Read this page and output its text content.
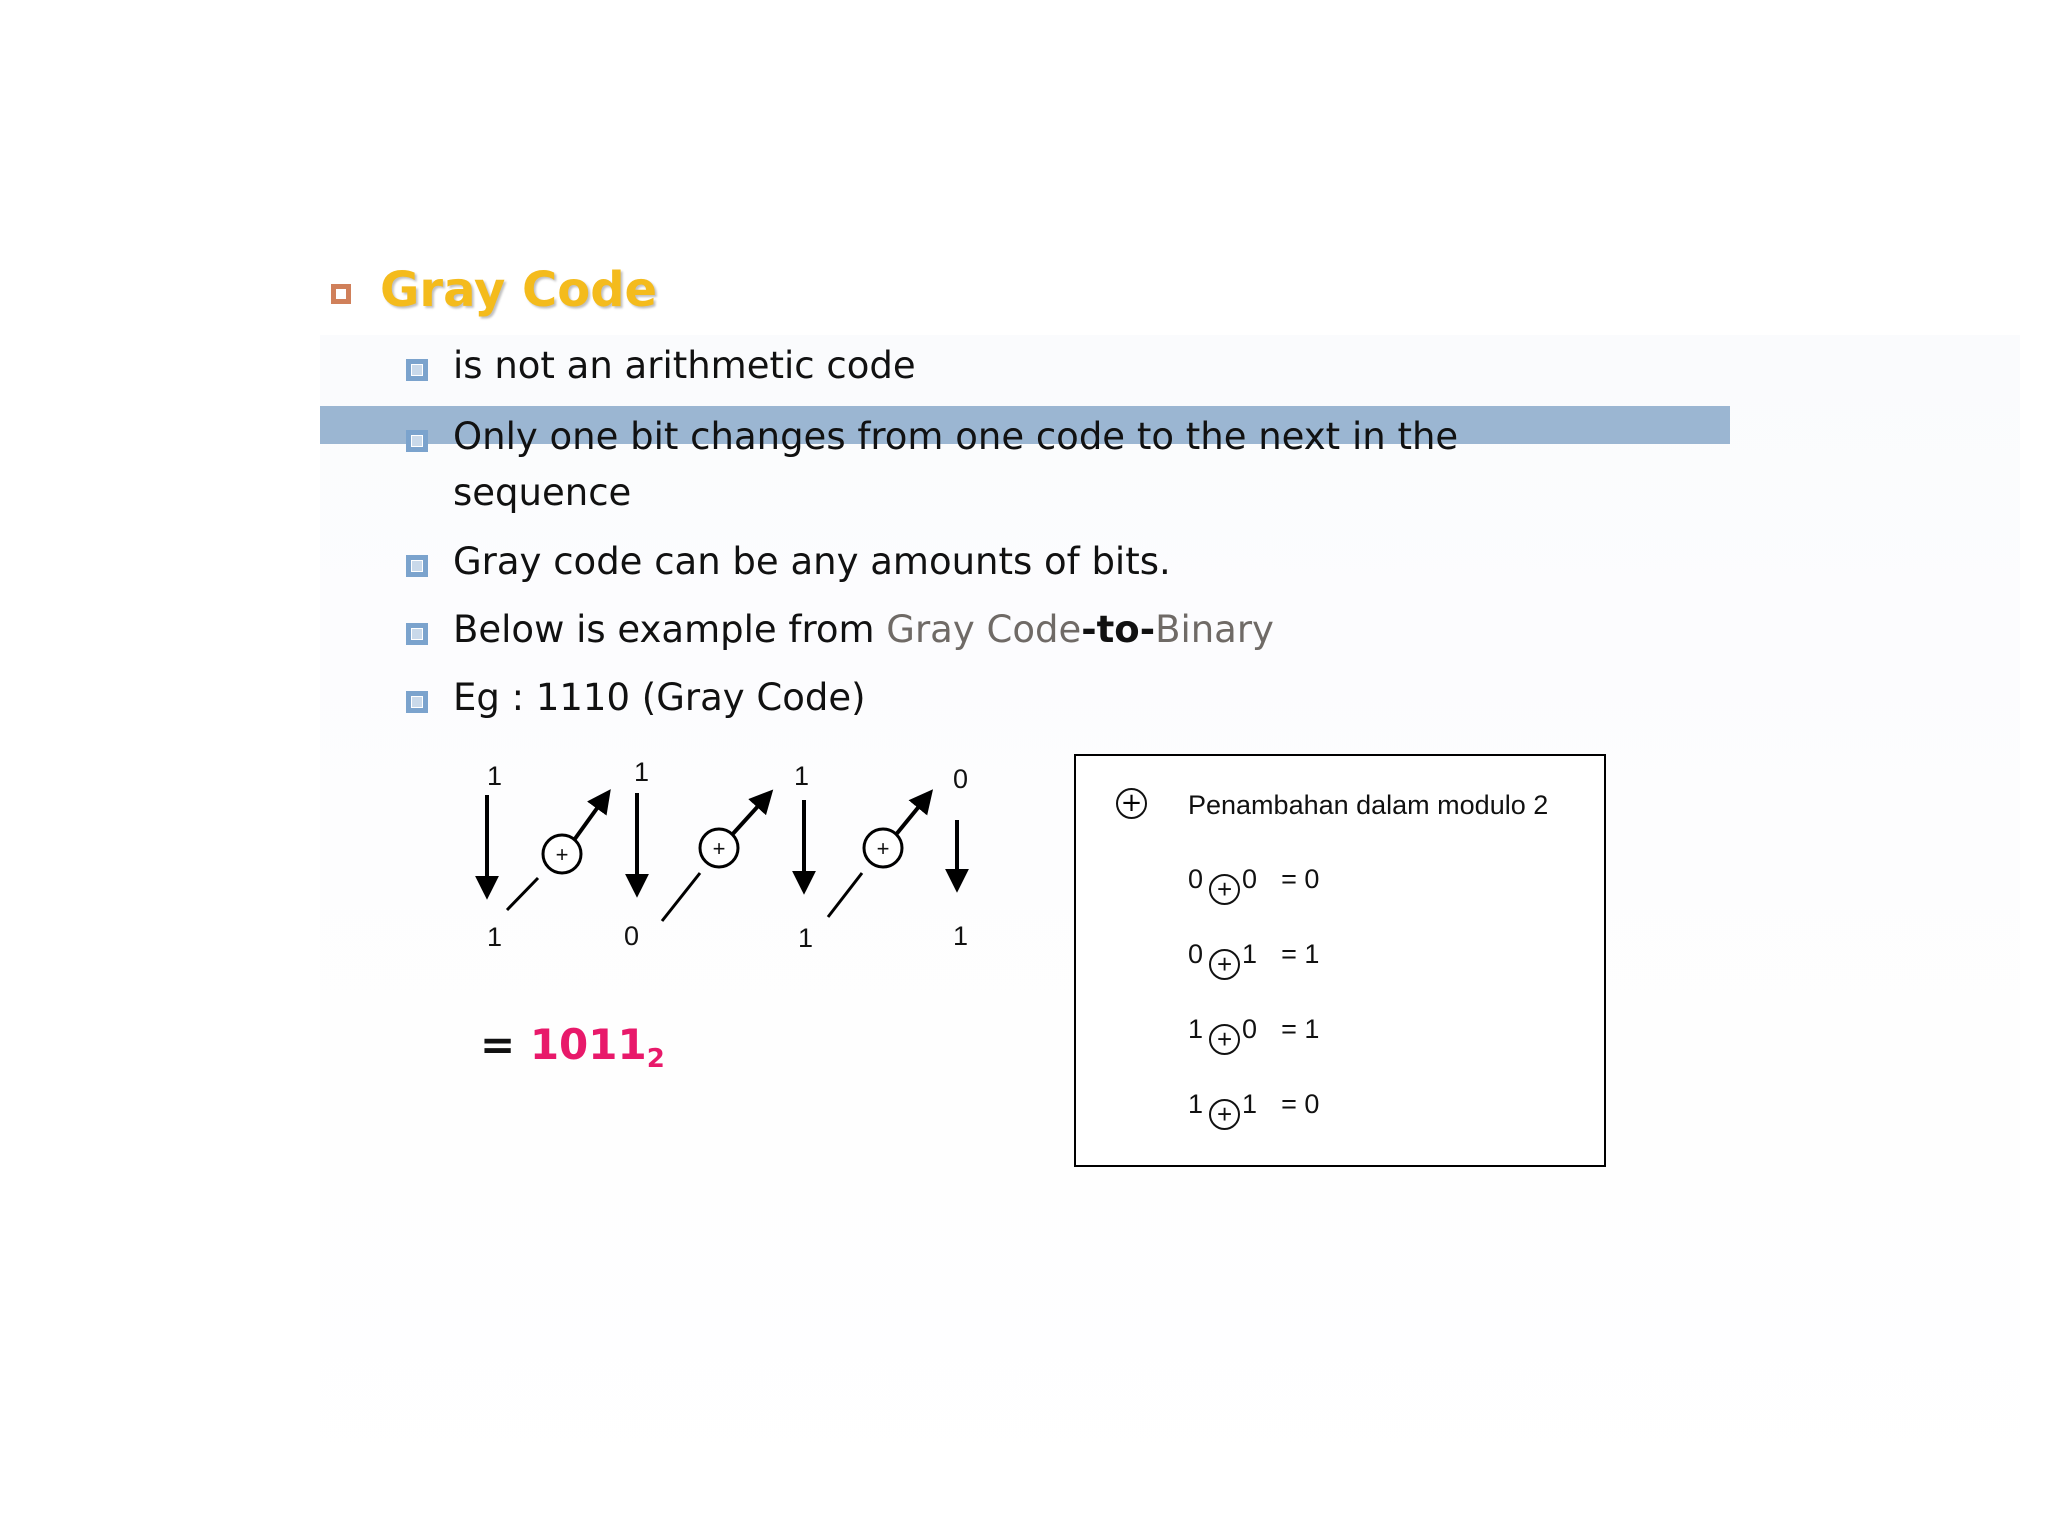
Gray Code
is not an arithmetic code
Only one bit changes from one code to the next in the
sequence
Gray code can be any amounts of bits.
Below is example from Gray Code-to-Binary
Eg : 1110 (Gray Code)
1	1	1	0
1	0	1	1
+	+	+
= $1011_2$
+ Penambahan dalam modulo 2
0 + 0 = 0
0 + 1 = 1
1 + 0 = 1
1 + 1 = 0
